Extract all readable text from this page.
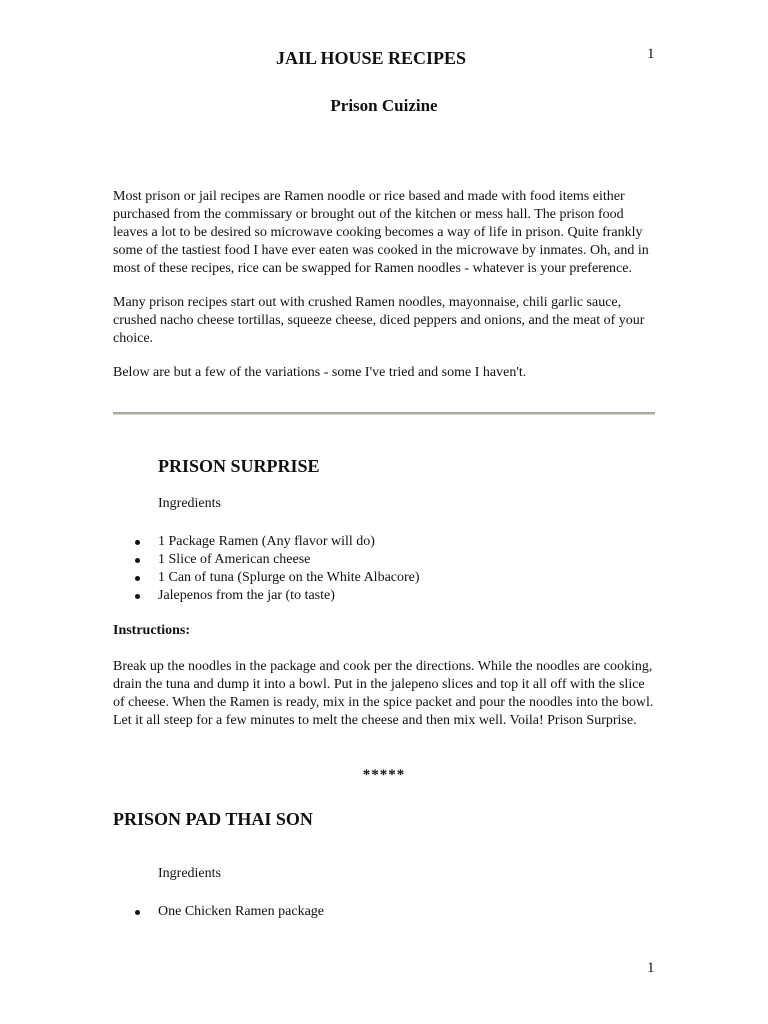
1
JAIL HOUSE RECIPES
Prison Cuizine

Most prison or jail recipes are Ramen noodle or rice based and made with food items either purchased from the commissary or brought out of the kitchen or mess hall. The prison food leaves a lot to be desired so microwave cooking becomes a way of life in prison. Quite frankly some of the tastiest food I have ever eaten was cooked in the microwave by inmates. Oh, and in most of these recipes, rice can be swapped for Ramen noodles - whatever is your preference.

Many prison recipes start out with crushed Ramen noodles, mayonnaise, chili garlic sauce, crushed nacho cheese tortillas, squeeze cheese, diced peppers and onions, and the meat of your choice.

Below are but a few of the variations - some I've tried and some I haven't.

PRISON SURPRISE
Ingredients
1 Package Ramen (Any flavor will do)
1 Slice of American cheese
1 Can of tuna (Splurge on the White Albacore)
Jalepenos from the jar (to taste)
Instructions:

Break up the noodles in the package and cook per the directions. While the noodles are cooking, drain the tuna and dump it into a bowl. Put in the jalepeno slices and top it all off with the slice of cheese. When the Ramen is ready, mix in the spice packet and pour the noodles into the bowl. Let it all steep for a few minutes to melt the cheese and then mix well. Voila! Prison Surprise.

*****
PRISON PAD THAI SON
Ingredients
One Chicken Ramen package
1
